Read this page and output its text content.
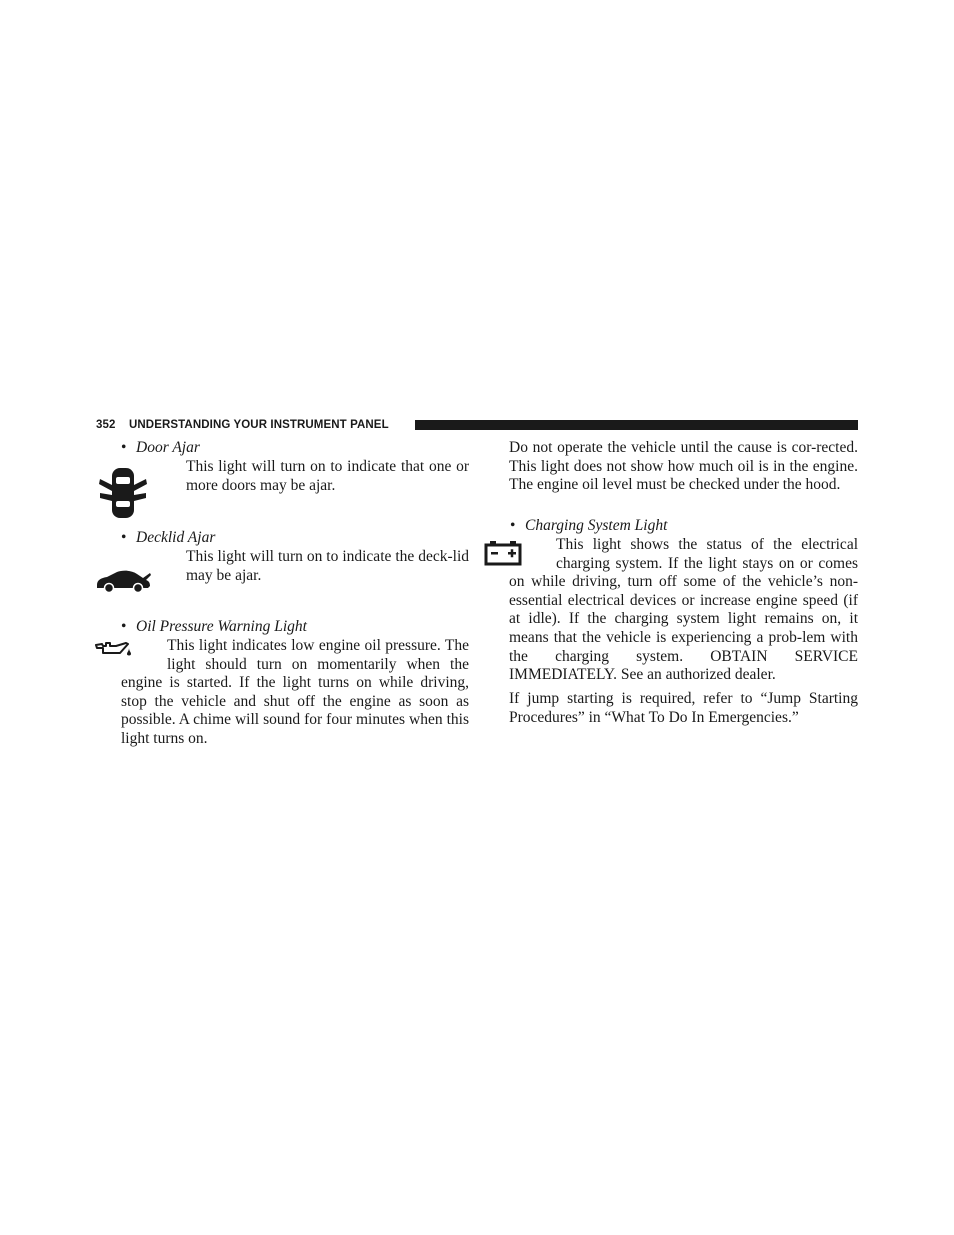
352 UNDERSTANDING YOUR INSTRUMENT PANEL
• Door Ajar

This light will turn on to indicate that one or more doors may be ajar.

• Decklid Ajar

This light will turn on to indicate the deck-lid may be ajar.

• Oil Pressure Warning Light

This light indicates low engine oil pressure. The light should turn on momentarily when the engine is started. If the light turns on while driving, stop the vehicle and shut off the engine as soon as possible. A chime will sound for four minutes when this light turns on.

Do not operate the vehicle until the cause is cor-rected. This light does not show how much oil is in the engine. The engine oil level must be checked under the hood.

• Charging System Light

This light shows the status of the electrical charging system. If the light stays on or comes on while driving, turn off some of the vehicle’s non-essential electrical devices or increase engine speed (if at idle). If the charging system light remains on, it means that the vehicle is experiencing a prob-lem with the charging system. OBTAIN SERVICE IMMEDIATELY. See an authorized dealer.

If jump starting is required, refer to “Jump Starting Procedures” in “What To Do In Emergencies.”
